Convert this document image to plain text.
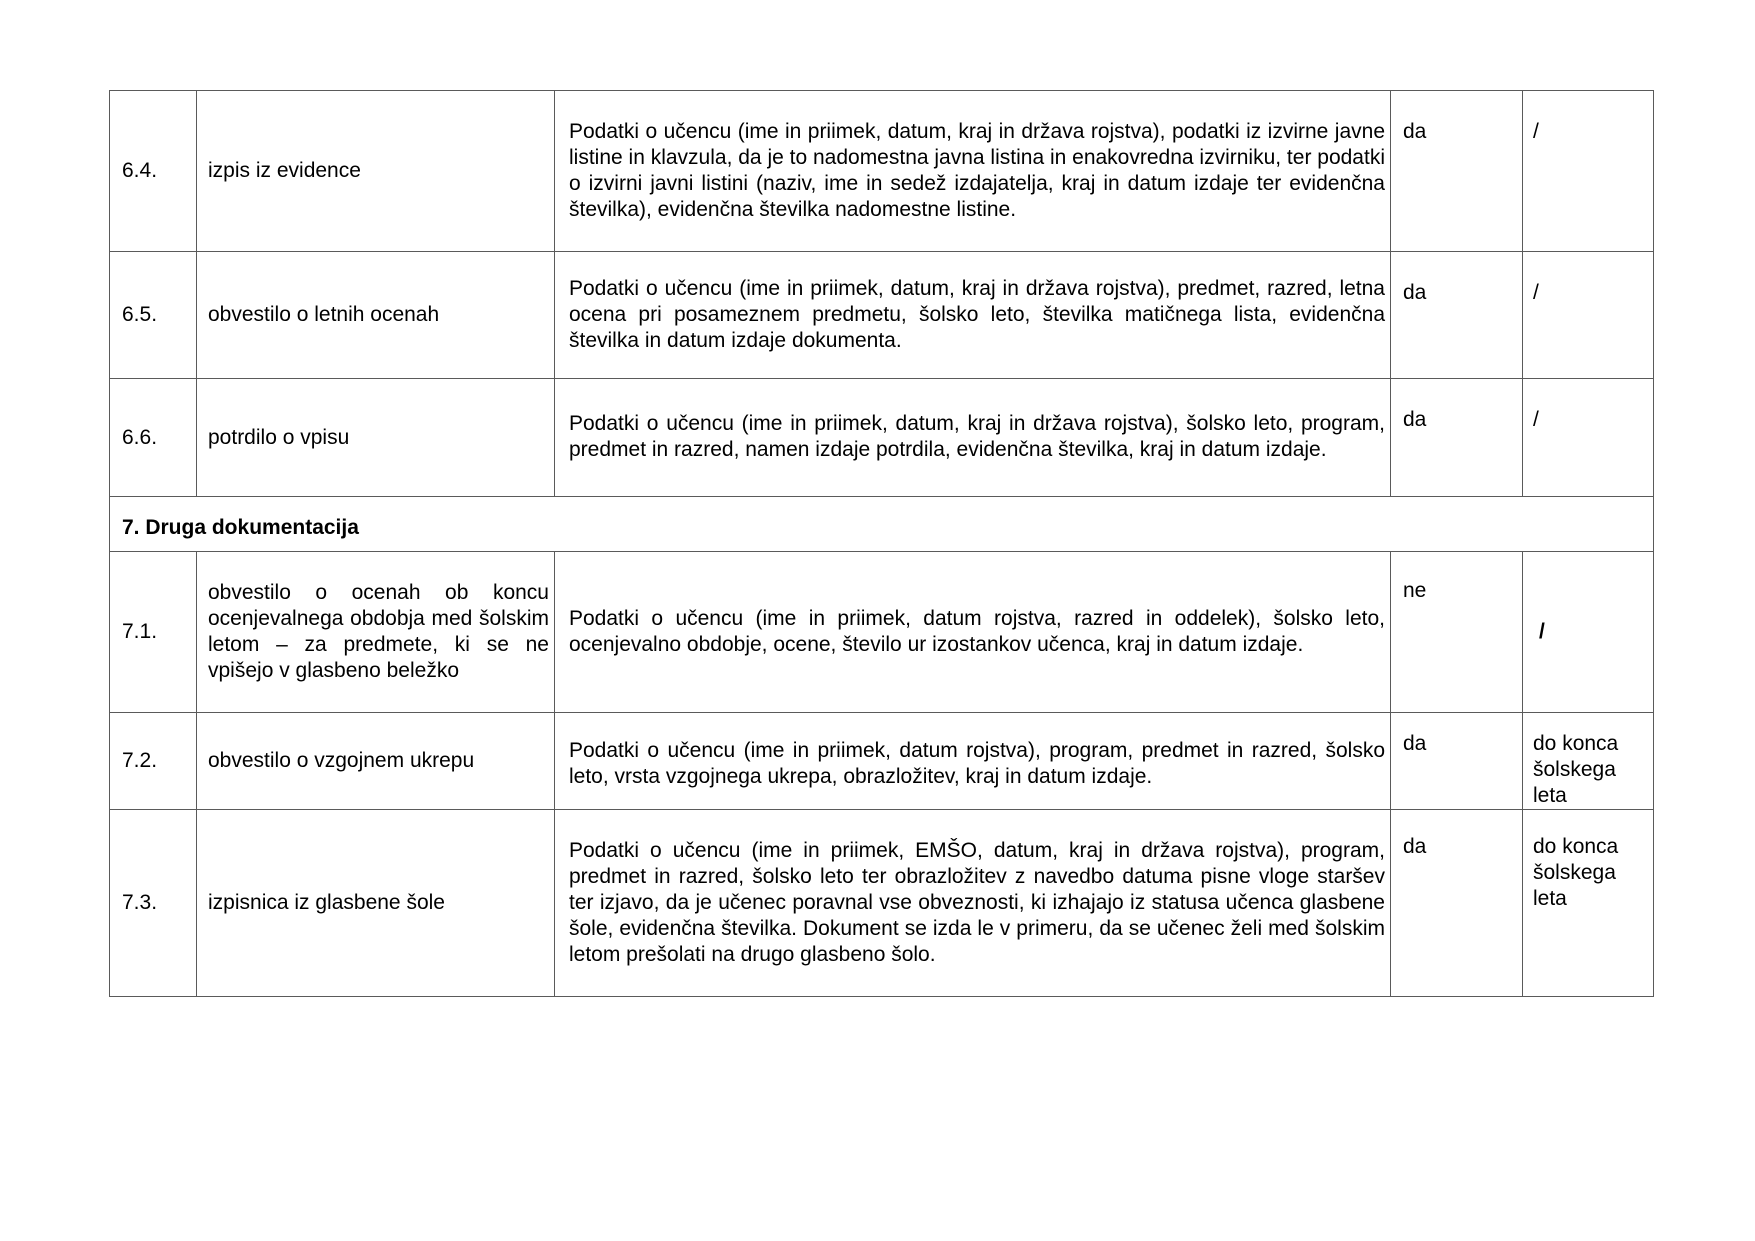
6.4.	izpis iz evidence	Podatki o učencu (ime in priimek, datum, kraj in država rojstva), podatki iz izvirne javne listine in klavzula, da je to nadomestna javna listina in enakovredna izvirniku, ter podatki o izvirni javni listini (naziv, ime in sedež izdajatelja, kraj in datum izdaje ter evidenčna številka), evidenčna številka nadomestne listine.	da	/

6.5.	obvestilo o letnih ocenah	Podatki o učencu (ime in priimek, datum, kraj in država rojstva), predmet, razred, letna ocena pri posameznem predmetu, šolsko leto, številka matičnega lista, evidenčna številka in datum izdaje dokumenta.	da	/

6.6.	potrdilo o vpisu	Podatki o učencu (ime in priimek, datum, kraj in država rojstva), šolsko leto, program, predmet in razred, namen izdaje potrdila, evidenčna številka, kraj in datum izdaje.	da	/

7. Druga dokumentacija				

7.1.	obvestilo o ocenah ob koncu ocenjevalnega obdobja med šolskim letom – za predmete, ki se ne vpišejo v glasbeno beležko	Podatki o učencu (ime in priimek, datum rojstva, razred in oddelek), šolsko leto, ocenjevalno obdobje, ocene, število ur izostankov učenca, kraj in datum izdaje.	ne	/

7.2.	obvestilo o vzgojnem ukrepu	Podatki o učencu (ime in priimek, datum rojstva), program, predmet in razred, šolsko leto, vrsta vzgojnega ukrepa, obrazložitev, kraj in datum izdaje.	da	do konca šolskega leta

7.3.	izpisnica iz glasbene šole	Podatki o učencu (ime in priimek, EMŠO, datum, kraj in država rojstva), program, predmet in razred, šolsko leto ter obrazložitev z navedbo datuma pisne vloge staršev ter izjavo, da je učenec poravnal vse obveznosti, ki izhajajo iz statusa učenca glasbene šole, evidenčna številka. Dokument se izda le v primeru, da se učenec želi med šolskim letom prešolati na drugo glasbeno šolo.	da	do konca šolskega leta
